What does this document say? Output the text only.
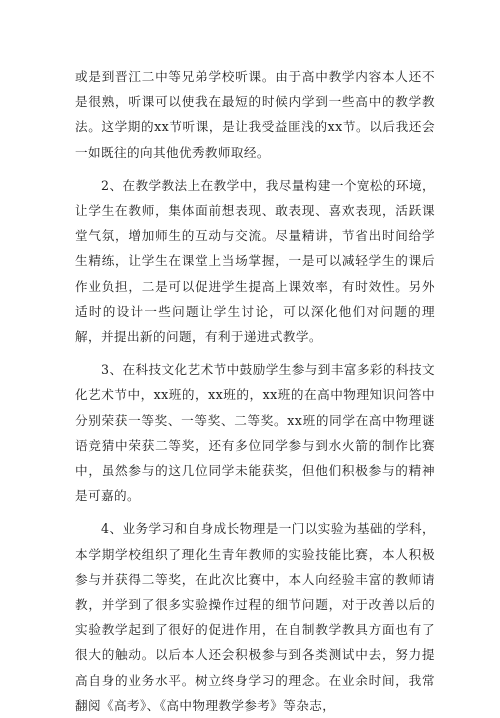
或是到晋江二中等兄弟学校听课。由于高中教学内容本人还不是很熟，听课可以使我在最短的时候内学到一些高中的教学教法。这学期的xx节听课，是让我受益匪浅的xx节。以后我还会一如既往的向其他优秀教师取经。

2、在教学教法上在教学中，我尽量构建一个宽松的环境，让学生在教师，集体面前想表现、敢表现、喜欢表现，活跃课堂气氛，增加师生的互动与交流。尽量精讲，节省出时间给学生精练，让学生在课堂上当场掌握，一是可以减轻学生的课后作业负担，二是可以促进学生提高上课效率，有时效性。另外适时的设计一些问题让学生讨论，可以深化他们对问题的理解，并提出新的问题，有利于递进式教学。

3、在科技文化艺术节中鼓励学生参与到丰富多彩的科技文化艺术节中，xx班的，xx班的，xx班的在高中物理知识问答中分别荣获一等奖、一等奖、二等奖。xx班的同学在高中物理谜语竞猜中荣获二等奖，还有多位同学参与到水火箭的制作比赛中，虽然参与的这几位同学未能获奖，但他们积极参与的精神是可嘉的。

4、业务学习和自身成长物理是一门以实验为基础的学科，本学期学校组织了理化生青年教师的实验技能比赛，本人积极参与并获得二等奖，在此次比赛中，本人向经验丰富的教师请教，并学到了很多实验操作过程的细节问题，对于改善以后的实验教学起到了很好的促进作用，在自制教学教具方面也有了很大的触动。以后本人还会积极参与到各类测试中去，努力提高自身的业务水平。树立终身学习的理念。在业余时间，我常翻阅《高考》、《高中物理教学参考》等杂志，
